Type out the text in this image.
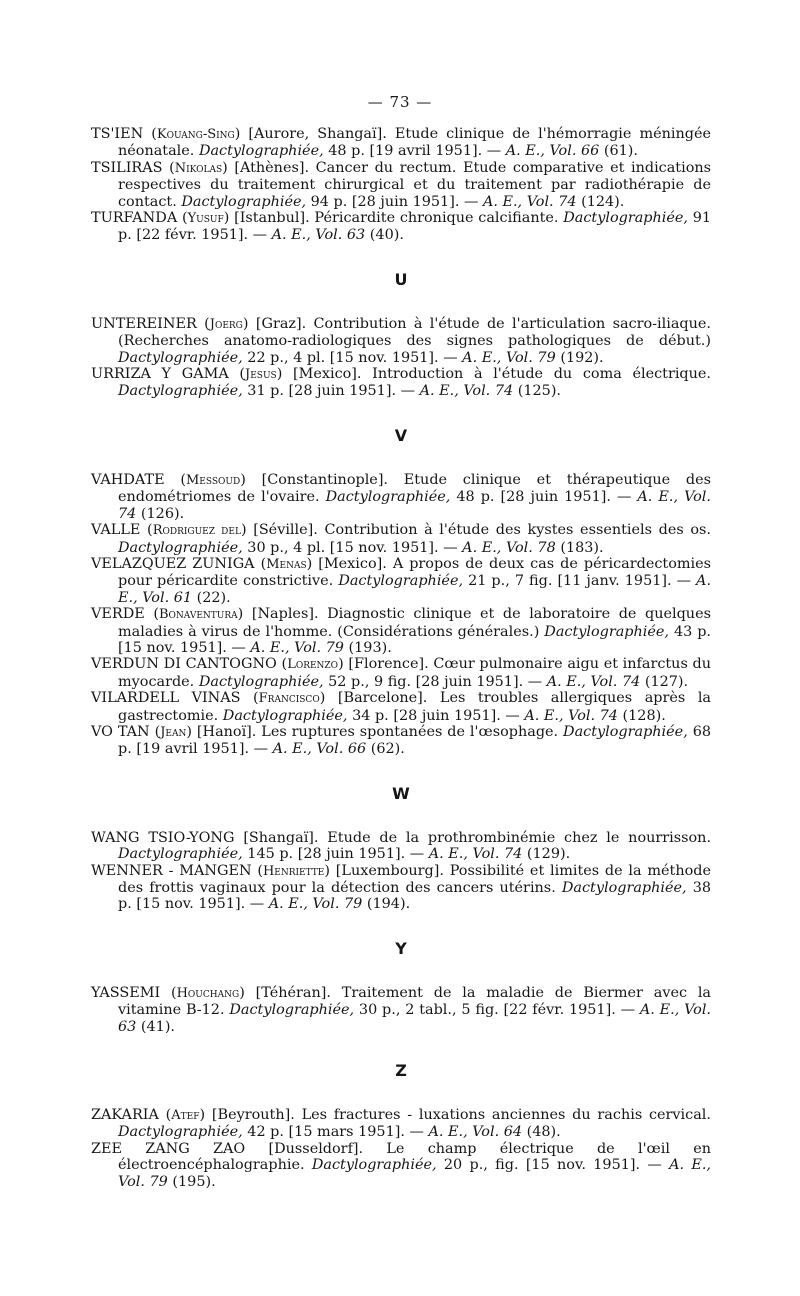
— 73 —
TS'IEN (Kouang-Sing) [Aurore, Shangaï]. Etude clinique de l'hémorragie méningée néonatale. Dactylographiée, 48 p. [19 avril 1951]. — A. E., Vol. 66 (61).
TSILIRAS (Nikolas) [Athènes]. Cancer du rectum. Etude comparative et indications respectives du traitement chirurgical et du traitement par radiothérapie de contact. Dactylographiée, 94 p. [28 juin 1951]. — A. E., Vol. 74 (124).
TURFANDA (Yusuf) [Istanbul]. Péricardite chronique calcifiante. Dactylographiée, 91 p. [22 févr. 1951]. — A. E., Vol. 63 (40).
U
UNTEREINER (Joerg) [Graz]. Contribution à l'étude de l'articulation sacro-iliaque. (Recherches anatomo-radiologiques des signes pathologiques de début.) Dactylographiée, 22 p., 4 pl. [15 nov. 1951]. — A. E., Vol. 79 (192).
URRIZA Y GAMA (Jesus) [Mexico]. Introduction à l'étude du coma électrique. Dactylographiée, 31 p. [28 juin 1951]. — A. E., Vol. 74 (125).
V
VAHDATE (Messoud) [Constantinople]. Etude clinique et thérapeutique des endométriomes de l'ovaire. Dactylographiée, 48 p. [28 juin 1951]. — A. E., Vol. 74 (126).
VALLE (Rodriguez del) [Séville]. Contribution à l'étude des kystes essentiels des os. Dactylographiée, 30 p., 4 pl. [15 nov. 1951]. — A. E., Vol. 78 (183).
VELAZQUEZ ZUNIGA (Menas) [Mexico]. A propos de deux cas de péricardectomies pour péricardite constrictive. Dactylographiée, 21 p., 7 fig. [11 janv. 1951]. — A. E., Vol. 61 (22).
VERDE (Bonaventura) [Naples]. Diagnostic clinique et de laboratoire de quelques maladies à virus de l'homme. (Considérations générales.) Dactylographiée, 43 p. [15 nov. 1951]. — A. E., Vol. 79 (193).
VERDUN DI CANTOGNO (Lorenzo) [Florence]. Cœur pulmonaire aigu et infarctus du myocarde. Dactylographiée, 52 p., 9 fig. [28 juin 1951]. — A. E., Vol. 74 (127).
VILARDELL VINAS (Francisco) [Barcelone]. Les troubles allergiques après la gastrectomie. Dactylographiée, 34 p. [28 juin 1951]. — A. E., Vol. 74 (128).
VO TAN (Jean) [Hanoï]. Les ruptures spontanées de l'œsophage. Dactylographiée, 68 p. [19 avril 1951]. — A. E., Vol. 66 (62).
W
WANG TSIO-YONG [Shangaï]. Etude de la prothrombinémie chez le nourrisson. Dactylographiée, 145 p. [28 juin 1951]. — A. E., Vol. 74 (129).
WENNER - MANGEN (Henriette) [Luxembourg]. Possibilité et limites de la méthode des frottis vaginaux pour la détection des cancers utérins. Dactylographiée, 38 p. [15 nov. 1951]. — A. E., Vol. 79 (194).
Y
YASSEMI (Houchang) [Téhéran]. Traitement de la maladie de Biermer avec la vitamine B-12. Dactylographiée, 30 p., 2 tabl., 5 fig. [22 févr. 1951]. — A. E., Vol. 63 (41).
Z
ZAKARIA (Atef) [Beyrouth]. Les fractures - luxations anciennes du rachis cervical. Dactylographiée, 42 p. [15 mars 1951]. — A. E., Vol. 64 (48).
ZEE ZANG ZAO [Dusseldorf]. Le champ électrique de l'œil en électroencéphalographie. Dactylographiée, 20 p., fig. [15 nov. 1951]. — A. E., Vol. 79 (195).
